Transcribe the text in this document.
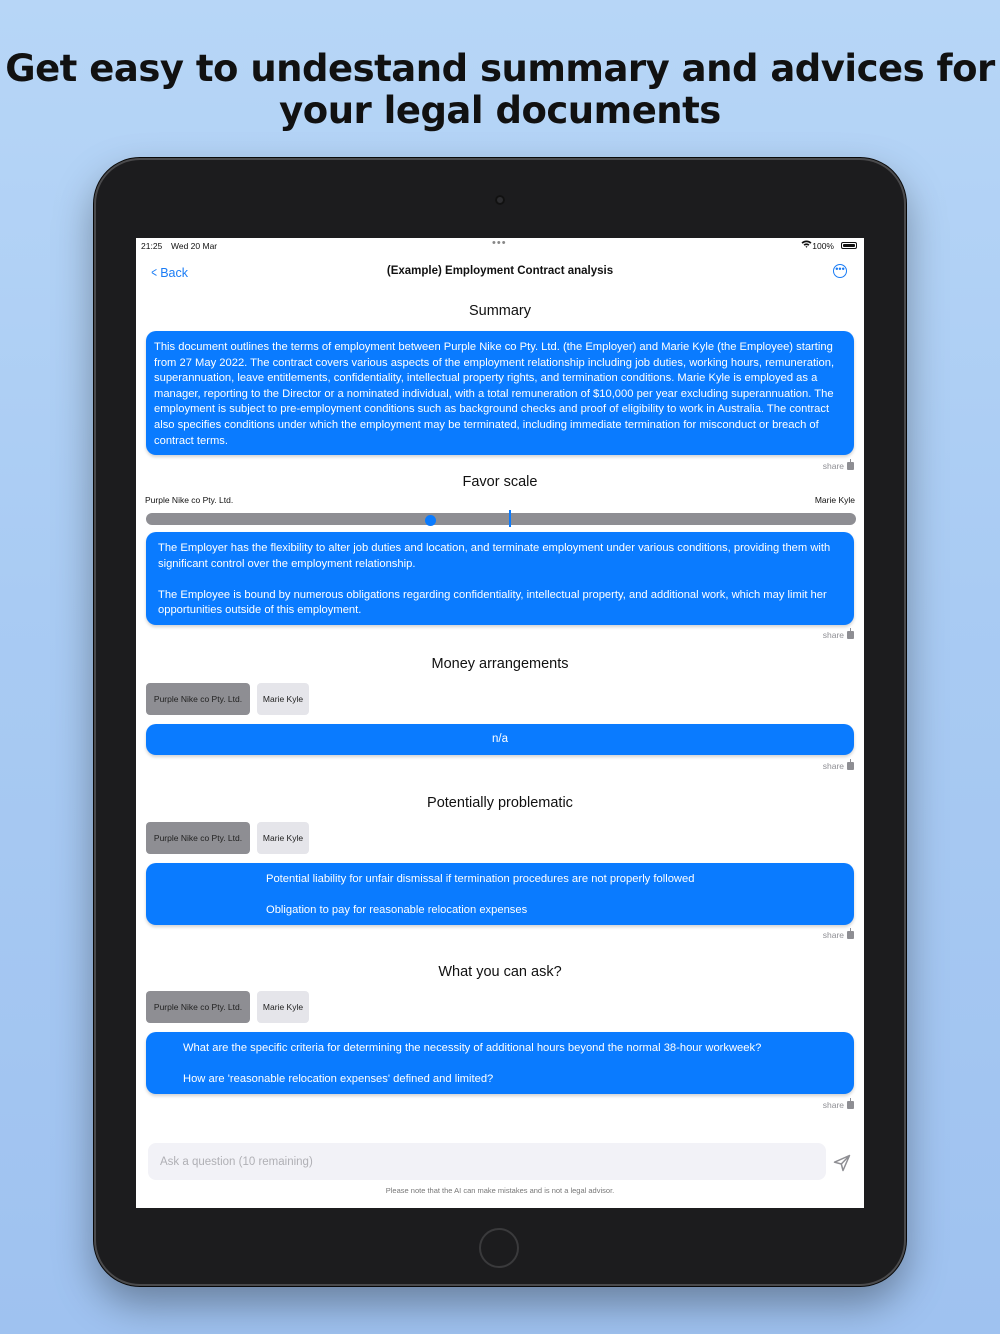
Get easy to undestand summary and advices for
your legal documents
21:25 Wed 20 Mar	•••	100%
< Back	(Example) Employment Contract analysis	•••
Summary
This document outlines the terms of employment between Purple Nike co Pty. Ltd. (the Employer) and Marie Kyle (the Employee) starting from 27 May 2022. The contract covers various aspects of the employment relationship including job duties, working hours, remuneration, superannuation, leave entitlements, confidentiality, intellectual property rights, and termination conditions. Marie Kyle is employed as a manager, reporting to the Director or a nominated individual, with a total remuneration of $10,000 per year excluding superannuation. The employment is subject to pre-employment conditions such as background checks and proof of eligibility to work in Australia. The contract also specifies conditions under which the employment may be terminated, including immediate termination for misconduct or breach of contract terms.
share
Favor scale
Purple Nike co Pty. Ltd.	Marie Kyle
The Employer has the flexibility to alter job duties and location, and terminate employment under various conditions, providing them with significant control over the employment relationship.
The Employee is bound by numerous obligations regarding confidentiality, intellectual property, and additional work, which may limit her opportunities outside of this employment.
share
Money arrangements
Purple Nike co Pty. Ltd.	Marie Kyle
n/a
share
Potentially problematic
Purple Nike co Pty. Ltd.	Marie Kyle
Potential liability for unfair dismissal if termination procedures are not properly followed
Obligation to pay for reasonable relocation expenses
share
What you can ask?
Purple Nike co Pty. Ltd.	Marie Kyle
What are the specific criteria for determining the necessity of additional hours beyond the normal 38-hour workweek?
How are 'reasonable relocation expenses' defined and limited?
share
Ask a question (10 remaining)
Please note that the AI can make mistakes and is not a legal advisor.
